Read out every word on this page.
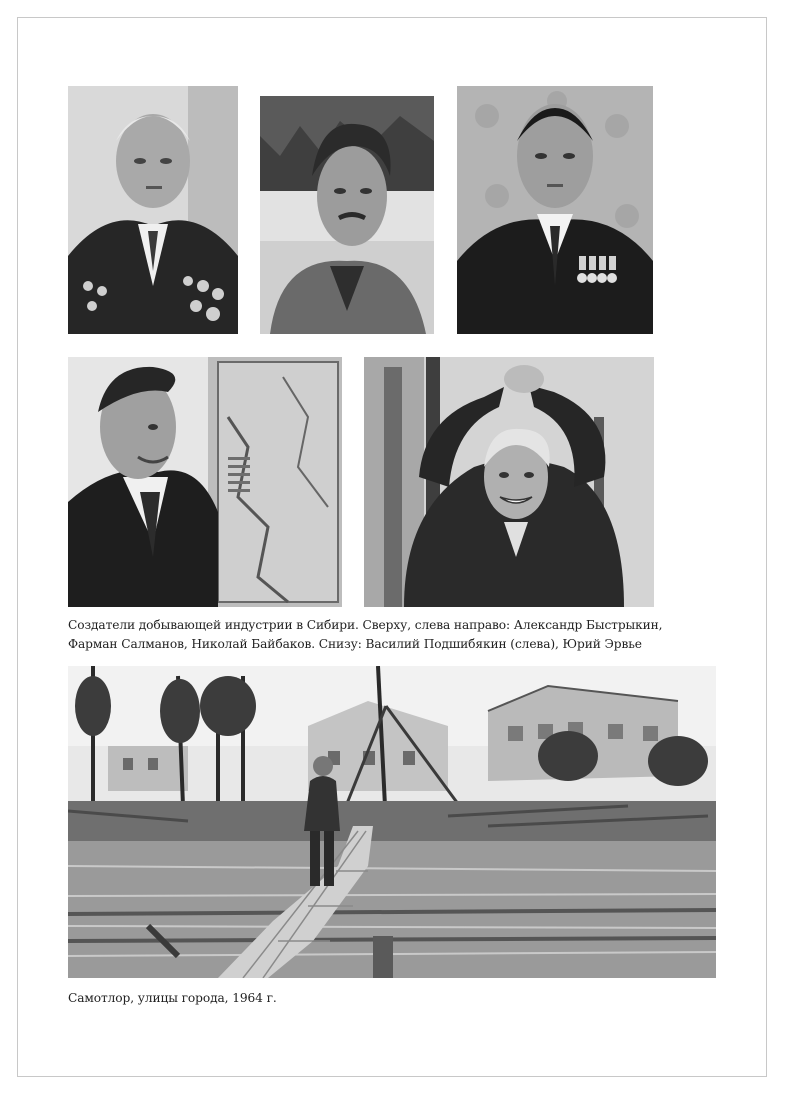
Создатели добывающей индустрии в Сибири. Сверху, слева направо: Александр Быстрыкин,
Фарман Салманов, Николай Байбаков. Снизу: Василий Подшибякин (слева), Юрий Эрвье
Самотлор, улицы города, 1964 г.
